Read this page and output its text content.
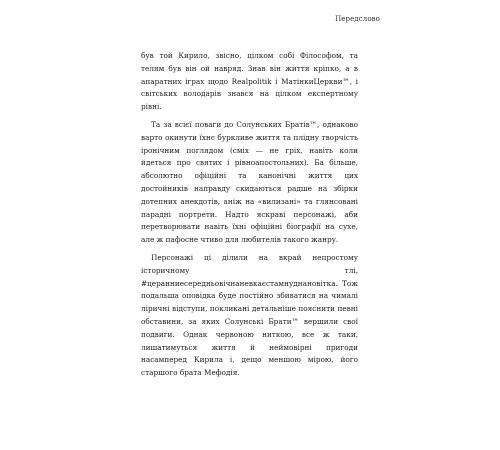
Передслово

був той Кирило, звісно, цілком собі Філософом, та телям був він ой навряд. Знав він життя кріпко, а в апаратних іграх щодо Realpolitik і МатінкиЦеркви™, і світських володарів знався на цілком експертному рівні.

Та за всієї поваги до Солунських Братів™, однаково варто окинути їхнє буркливе життя та плідну творчість іронічним поглядом (сміх — не гріх, навіть коли йдеться про святих і рівноапостольних). Ба більше, абсолютно офіційні та канонічні життя цих достойників направду скидаються радше на збірки дотепних анекдотів, аніж на «вилизані» та глянсовані парадні портрети. Надто яскраві персонажі, аби перетворювати навіть їхні офіційні біографії на сухе, але ж пафосне чтиво для любителів такого жанру.

Персонажі ці ділили на вкрай непростому історичному тлі, #церанниесередньовічнаневкаєстамнуднановітка. Тож подальша оповідка буде постійно збиватися на чималі ліричні відступи, покликані детальніше пояснити певні обставини, за яких Солунські Брати™ вершили свої подвиги. Однак червоною ниткою, все ж таки, лишатимуться життя й неймовірні пригоди насамперед Кирила і, дещо меншою мірою, його старшого брата Мефодія.
